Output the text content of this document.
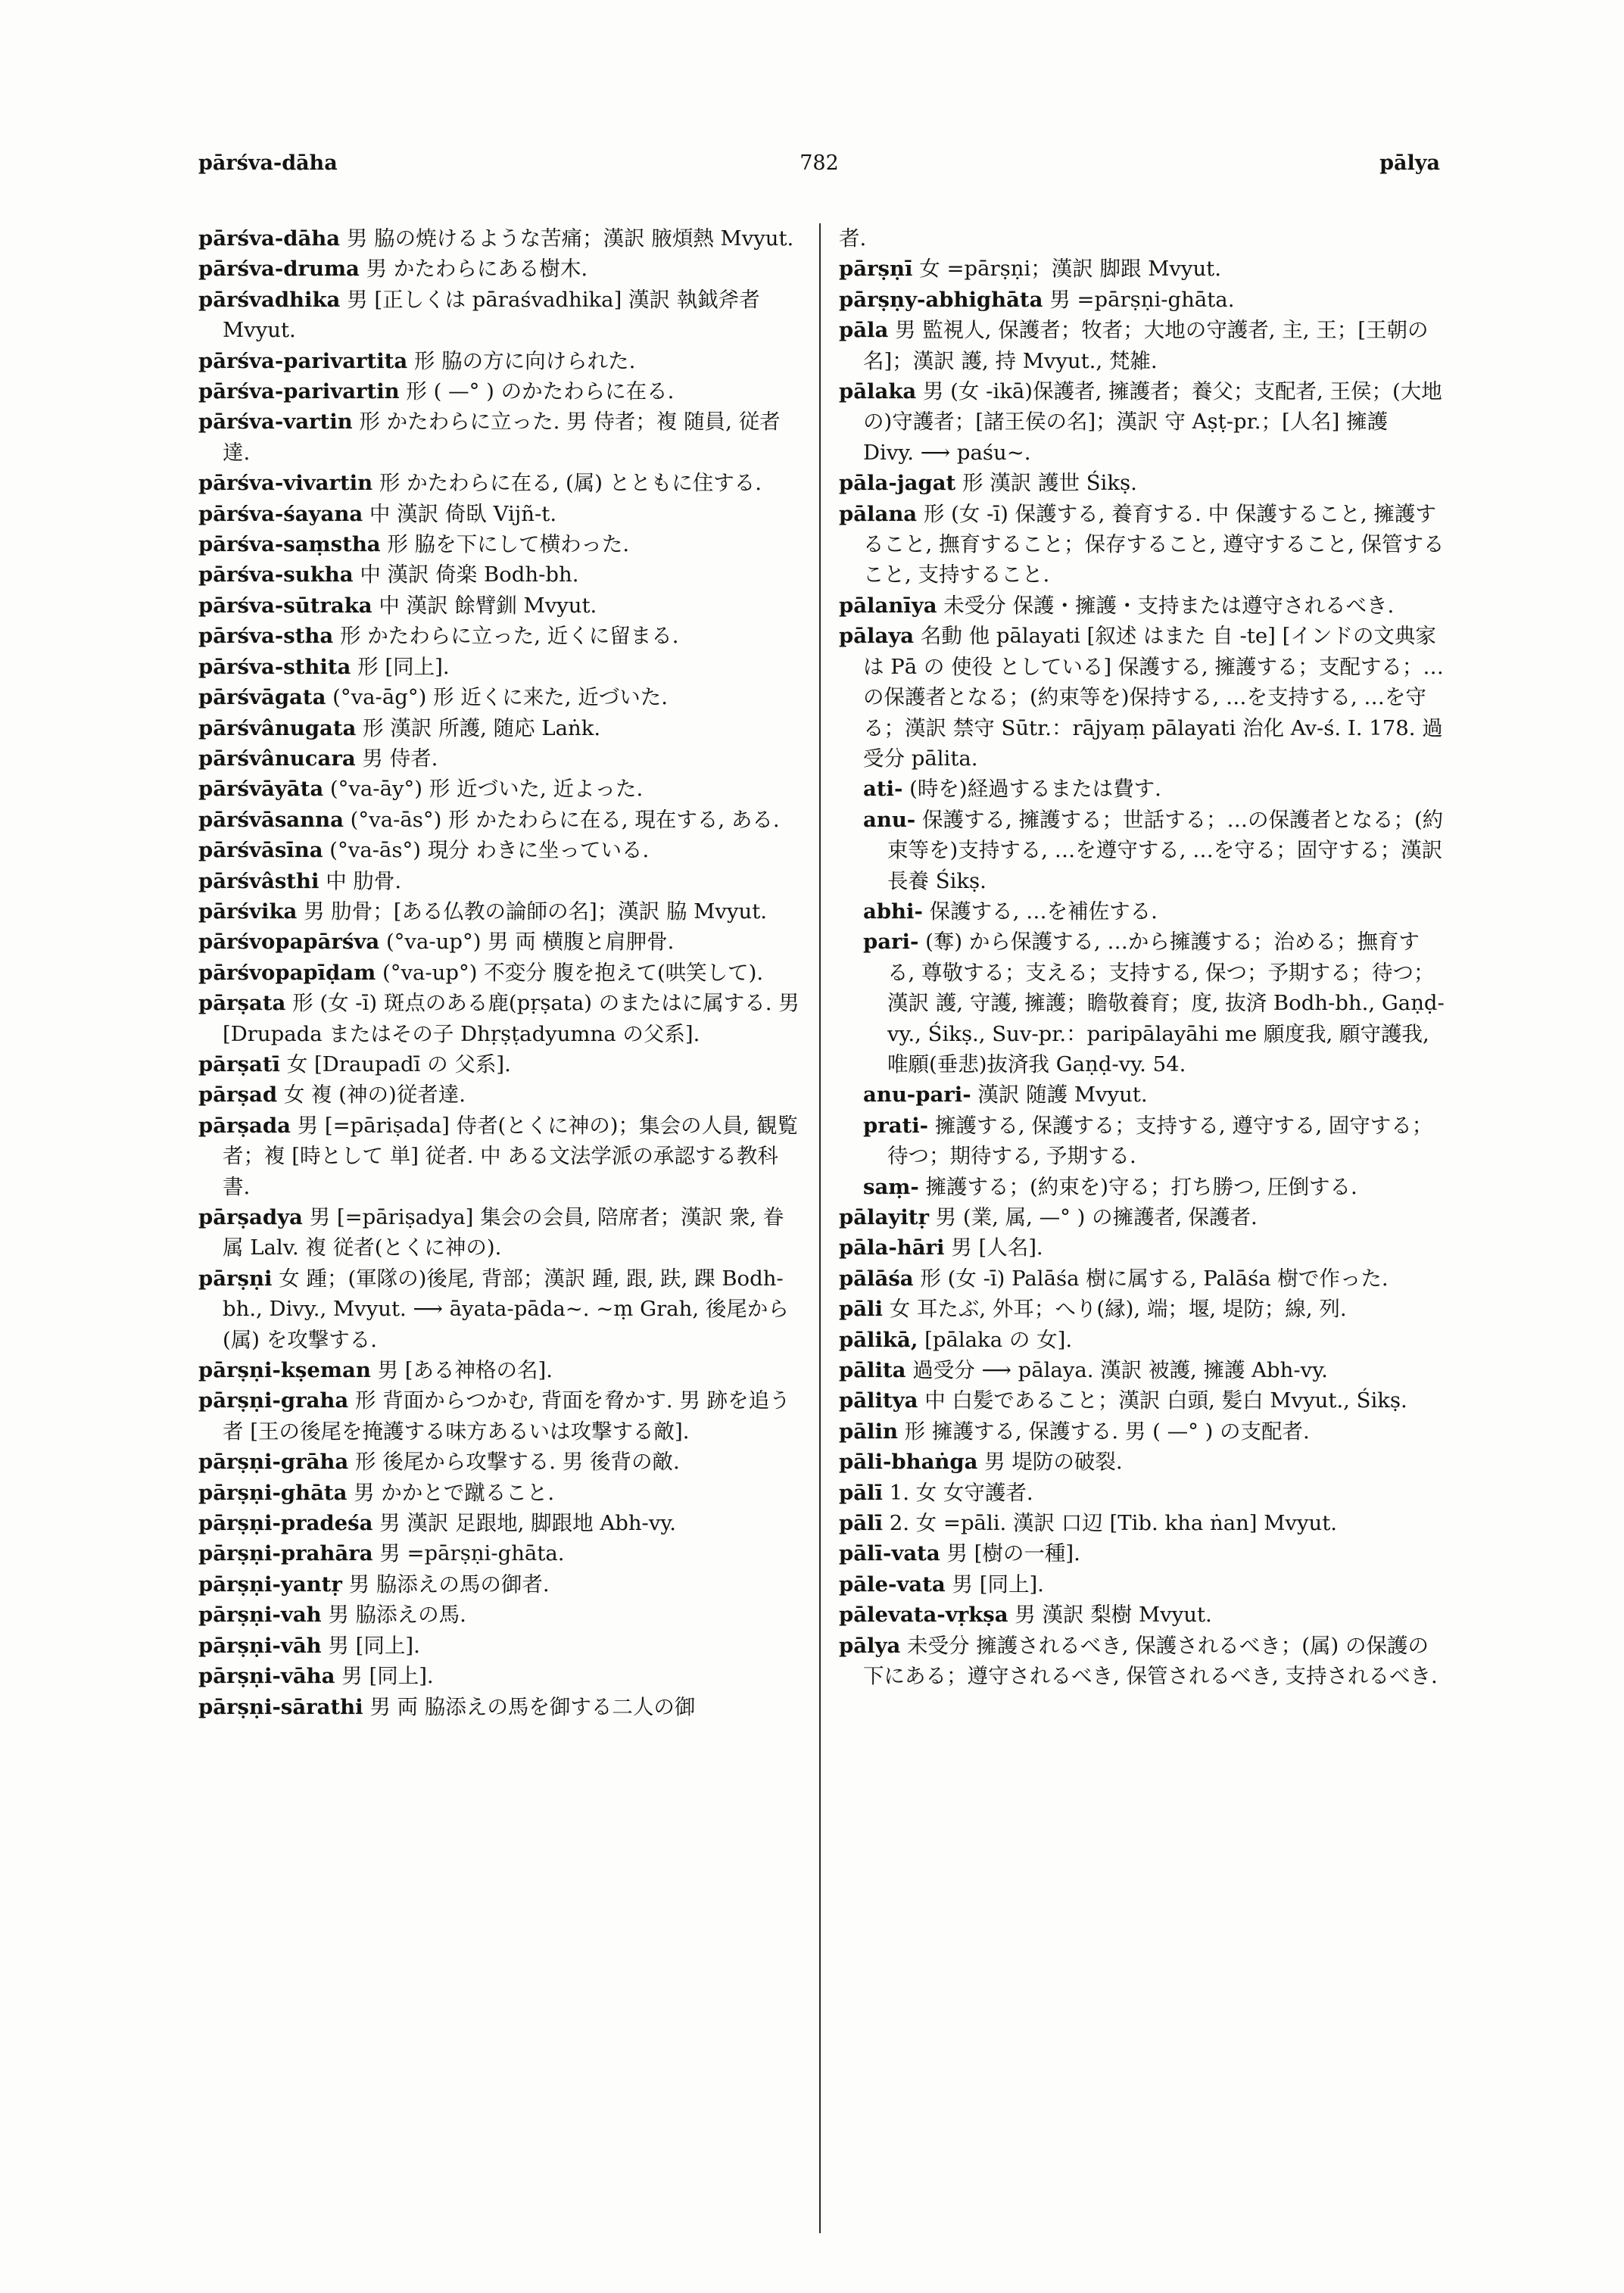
pārśva-dāha	782	pālya

pārśva-dāha 男 脇の焼けるような苦痛；漢訳 腋煩熱 Mvyut.

pārśva-druma 男 かたわらにある樹木.

pārśvadhika 男 [正しくは pāraśvadhika] 漢訳 執鉞斧者 Mvyut.

pārśva-parivartita 形 脇の方に向けられた.

pārśva-parivartin 形 ( —° ) のかたわらに在る.

pārśva-vartin 形 かたわらに立った. 男 侍者；複 随員, 従者達.

pārśva-vivartin 形 かたわらに在る, (属) とともに住する.

pārśva-śayana 中 漢訳 倚臥 Vijñ-t.

pārśva-saṃstha 形 脇を下にして横わった.

pārśva-sukha 中 漢訳 倚楽 Bodh-bh.

pārśva-sūtraka 中 漢訳 餘臂釧 Mvyut.

pārśva-stha 形 かたわらに立った, 近くに留まる.

pārśva-sthita 形 [同上].

pārśvāgata (°va-āg°) 形 近くに来た, 近づいた.

pārśvânugata 形 漢訳 所護, 随応 Laṅk.

pārśvânucara 男 侍者.

pārśvāyāta (°va-āy°) 形 近づいた, 近よった.

pārśvāsanna (°va-ās°) 形 かたわらに在る, 現在する, ある.

pārśvāsīna (°va-ās°) 現分 わきに坐っている.

pārśvâsthi 中 肋骨.

pārśvika 男 肋骨；[ある仏教の論師の名]；漢訳 脇 Mvyut.

pārśvopapārśva (°va-up°) 男 両 横腹と肩胛骨.

pārśvopapīḍam (°va-up°) 不変分 腹を抱えて(哄笑して).

pārṣata 形 (女 -ī) 斑点のある鹿(pṛṣata) のまたはに属する. 男 [Drupada またはその子 Dhṛṣṭadyumna の父系].

pārṣatī 女 [Draupadī の 父系].

pārṣad 女 複 (神の)従者達.

pārṣada 男 [=pāriṣada] 侍者(とくに神の)；集会の人員, 観覧者；複 [時として 単] 従者. 中 ある文法学派の承認する教科書.

pārṣadya 男 [=pāriṣadya] 集会の会員, 陪席者；漢訳 衆, 眷属 Lalv. 複 従者(とくに神の).

pārṣṇi 女 踵；(軍隊の)後尾, 背部；漢訳 踵, 跟, 趺, 踝 Bodh-bh., Divy., Mvyut. ⟶ āyata-pāda~. ~ṃ Grah, 後尾から(属) を攻撃する.

pārṣṇi-kṣeman 男 [ある神格の名].

pārṣṇi-graha 形 背面からつかむ, 背面を脅かす. 男 跡を追う者 [王の後尾を掩護する味方あるいは攻撃する敵].

pārṣṇi-grāha 形 後尾から攻撃する. 男 後背の敵.

pārṣṇi-ghāta 男 かかとで蹴ること.

pārṣṇi-pradeśa 男 漢訳 足跟地, 脚跟地 Abh-vy.

pārṣṇi-prahāra 男 =pārṣṇi-ghāta.

pārṣṇi-yantṛ 男 脇添えの馬の御者.

pārṣṇi-vah 男 脇添えの馬.

pārṣṇi-vāh 男 [同上].

pārṣṇi-vāha 男 [同上].

pārṣṇi-sārathi 男 両 脇添えの馬を御する二人の御

者.

pārṣṇī 女 =pārṣṇi；漢訳 脚跟 Mvyut.

pārṣṇy-abhighāta 男 =pārṣṇi-ghāta.

pāla 男 監視人, 保護者；牧者；大地の守護者, 主, 王；[王朝の名]；漢訳 護, 持 Mvyut., 梵雑.

pālaka 男 (女 -ikā)保護者, 擁護者；養父；支配者, 王侯；(大地の)守護者；[諸王侯の名]；漢訳 守 Aṣṭ-pr.；[人名] 擁護 Divy. ⟶ paśu~.

pāla-jagat 形 漢訳 護世 Śikṣ.

pālana 形 (女 -ī) 保護する, 養育する. 中 保護すること, 擁護すること, 撫育すること；保存すること, 遵守すること, 保管すること, 支持すること.

pālanīya 未受分 保護・擁護・支持または遵守されるべき.

pālaya 名動 他 pālayati [叙述 はまた 自 -te] [インドの文典家は Pā の 使役 としている] 保護する, 擁護する；支配する；…の保護者となる；(約束等を)保持する, …を支持する, …を守る；漢訳 禁守 Sūtr.：rājyaṃ pālayati 治化 Av-ś. I. 178. 過受分 pālita.

ati- (時を)経過するまたは費す.

anu- 保護する, 擁護する；世話する；…の保護者となる；(約束等を)支持する, …を遵守する, …を守る；固守する；漢訳 長養 Śikṣ.

abhi- 保護する, …を補佐する.

pari- (奪) から保護する, …から擁護する；治める；撫育する, 尊敬する；支える；支持する, 保つ；予期する；待つ；漢訳 護, 守護, 擁護；瞻敬養育；度, 抜済 Bodh-bh., Gaṇḍ-vy., Śikṣ., Suv-pr.：paripālayāhi me 願度我, 願守護我, 唯願(垂悲)抜済我 Gaṇḍ-vy. 54.

anu-pari- 漢訳 随護 Mvyut.

prati- 擁護する, 保護する；支持する, 遵守する, 固守する；待つ；期待する, 予期する.

saṃ- 擁護する；(約束を)守る；打ち勝つ, 圧倒する.

pālayitṛ 男 (業, 属, —° ) の擁護者, 保護者.

pāla-hāri 男 [人名].

pālāśa 形 (女 -ī) Palāśa 樹に属する, Palāśa 樹で作った.

pāli 女 耳たぶ, 外耳；へり(縁), 端；堰, 堤防；線, 列.

pālikā, [pālaka の 女].

pālita 過受分 ⟶ pālaya. 漢訳 被護, 擁護 Abh-vy.

pālitya 中 白髪であること；漢訳 白頭, 髪白 Mvyut., Śikṣ.

pālin 形 擁護する, 保護する. 男 ( —° ) の支配者.

pāli-bhaṅga 男 堤防の破裂.

pālī 1. 女 女守護者.

pālī 2. 女 =pāli. 漢訳 口辺 [Tib. kha ṅan] Mvyut.

pālī-vata 男 [樹の一種].

pāle-vata 男 [同上].

pālevata-vṛkṣa 男 漢訳 梨樹 Mvyut.

pālya 未受分 擁護されるべき, 保護されるべき；(属) の保護の下にある；遵守されるべき, 保管されるべき, 支持されるべき.
